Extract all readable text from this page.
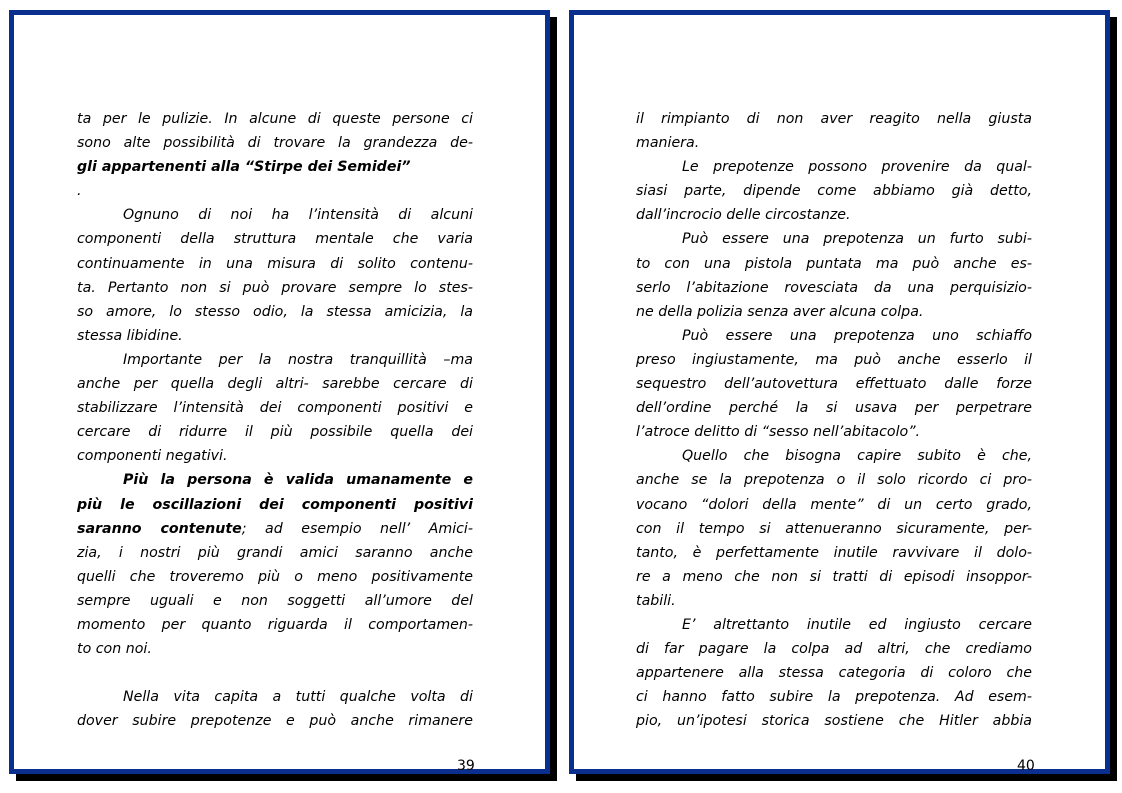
ta per le pulizie. In alcune di queste persone ci
sono alte possibilità di trovare la grandezza de-
gli appartenenti alla “Stirpe dei Semidei”
.
Ognuno di noi ha l’intensità di alcuni
componenti della struttura mentale che varia
continuamente in una misura di solito contenu-
ta. Pertanto non si può provare sempre lo stes-
so amore, lo stesso odio, la stessa amicizia, la
stessa libidine.
Importante per la nostra tranquillità –ma
anche per quella degli altri- sarebbe cercare di
stabilizzare l’intensità dei componenti positivi e
cercare di ridurre il più possibile quella dei
componenti negativi.
Più la persona è valida umanamente e
più le oscillazioni dei componenti positivi
saranno contenute; ad esempio nell’ Amici-
zia, i nostri più grandi amici saranno anche
quelli che troveremo più o meno positivamente
sempre uguali e non soggetti all’umore del
momento per quanto riguarda il comportamen-
to con noi.
Nella vita capita a tutti qualche volta di
dover subire prepotenze e può anche rimanere
39
il rimpianto di non aver reagito nella giusta
maniera.
Le prepotenze possono provenire da qual-
siasi parte, dipende come abbiamo già detto,
dall’incrocio delle circostanze.
Può essere una prepotenza un furto subi-
to con una pistola puntata ma può anche es-
serlo l’abitazione rovesciata da una perquisizio-
ne della polizia senza aver alcuna colpa.
Può essere una prepotenza uno schiaffo
preso ingiustamente, ma può anche esserlo il
sequestro dell’autovettura effettuato dalle forze
dell’ordine perché la si usava per perpetrare
l’atroce delitto di “sesso nell’abitacolo”.
Quello che bisogna capire subito è che,
anche se la prepotenza o il solo ricordo ci pro-
vocano “dolori della mente” di un certo grado,
con il tempo si attenueranno sicuramente, per-
tanto, è perfettamente inutile ravvivare il dolo-
re a meno che non si tratti di episodi insoppor-
tabili.
E’ altrettanto inutile ed ingiusto cercare
di far pagare la colpa ad altri, che crediamo
appartenere alla stessa categoria di coloro che
ci hanno fatto subire la prepotenza. Ad esem-
pio, un’ipotesi storica sostiene che Hitler abbia
40
